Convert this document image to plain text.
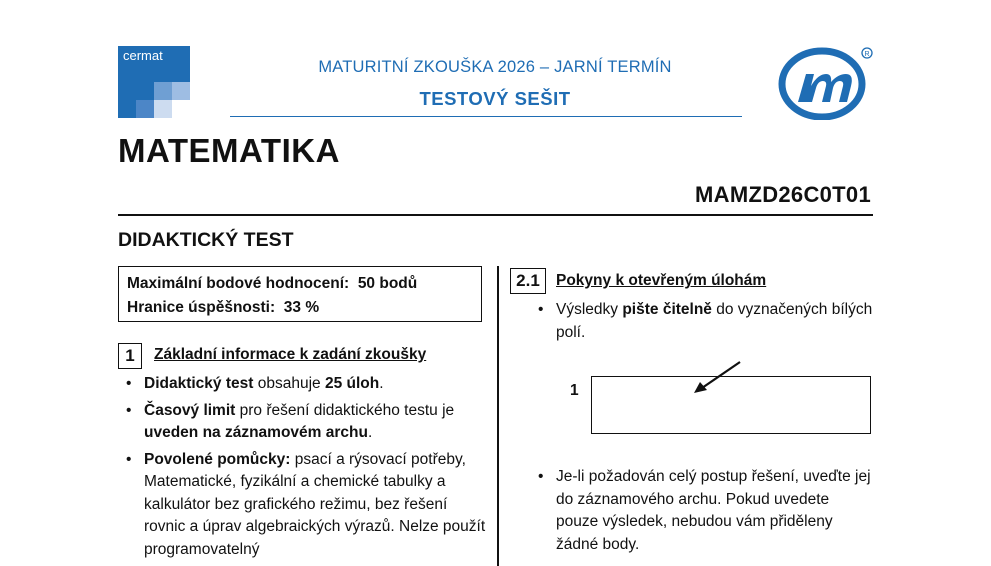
cermat
MATURITNÍ ZKOUŠKA 2026 – JARNÍ TERMÍN
TESTOVÝ SEŠIT
R
MATEMATIKA
MAMZD26C0T01
DIDAKTICKÝ TEST
Maximální bodové hodnocení: 50 bodů
Hranice úspěšnosti: 33 %
1	Základní informace k zadání zkoušky
• Didaktický test obsahuje 25 úloh.
• Časový limit pro řešení didaktického testu je uveden na záznamovém archu.
• Povolené pomůcky: psací a rýsovací potřeby, Matematické, fyzikální a chemické tabulky a kalkulátor bez grafického režimu, bez řešení rovnic a úprav algebraických výrazů. Nelze použít programovatelný
2.1	Pokyny k otevřeným úlohám
• Výsledky pište čitelně do vyznačených bílých polí.
1
• Je-li požadován celý postup řešení, uveďte jej do záznamového archu. Pokud uvedete pouze výsledek, nebudou vám přiděleny žádné body.
